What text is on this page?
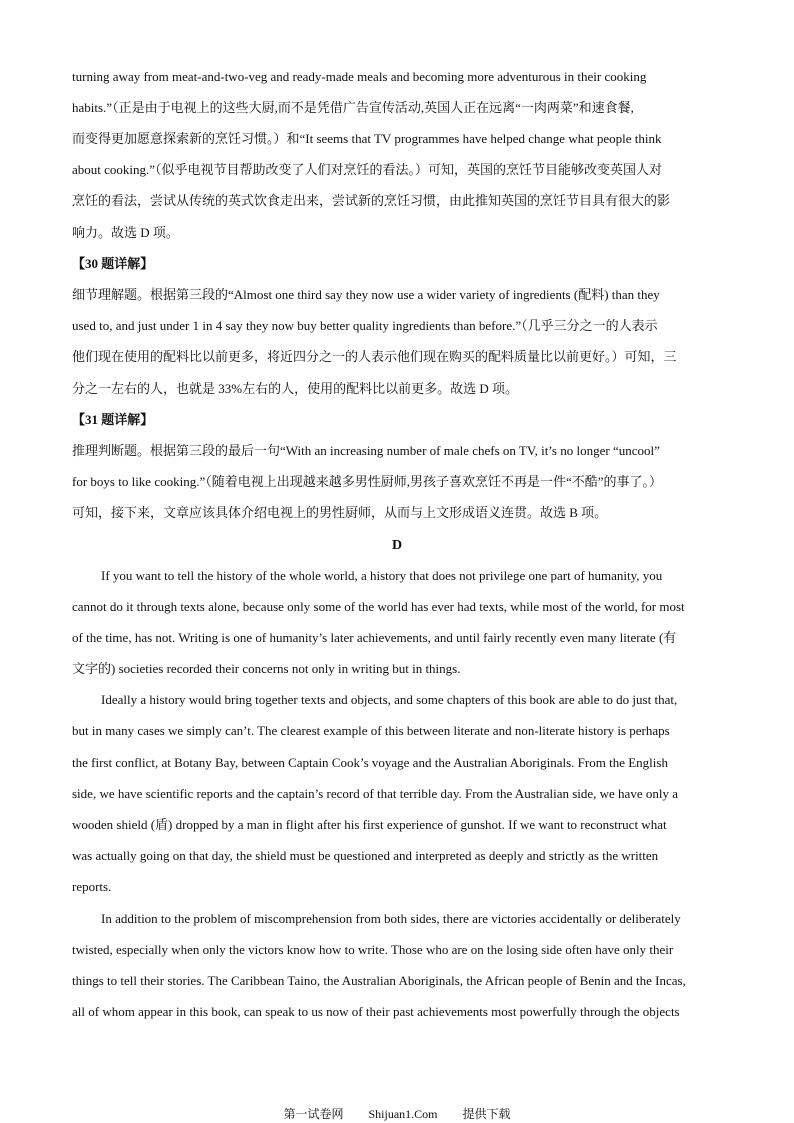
turning away from meat-and-two-veg and ready-made meals and becoming more adventurous in their cooking
habits.”（正是由于电视上的这些大厨,而不是凭借广告宣传活动,英国人正在远离“一肉两菜”和速食餐,
而变得更加愿意探索新的烹饪习惯。）和“It seems that TV programmes have helped change what people think
about cooking.”（似乎电视节目帮助改变了人们对烹饪的看法。）可知，英国的烹饪节目能够改变英国人对
烹饪的看法，尝试从传统的英式饮食走出来，尝试新的烹饪习惯，由此推知英国的烹饪节目具有很大的影
响力。故选 D 项。
【30 题详解】
细节理解题。根据第三段的“Almost one third say they now use a wider variety of ingredients (配料) than they
used to, and just under 1 in 4 say they now buy better quality ingredients than before.”（几乎三分之一的人表示
他们现在使用的配料比以前更多，将近四分之一的人表示他们现在购买的配料质量比以前更好。）可知，三
分之一左右的人，也就是 33%左右的人，使用的配料比以前更多。故选 D 项。
【31 题详解】
推理判断题。根据第三段的最后一句“With an increasing number of male chefs on TV, it’s no longer “uncool”
for boys to like cooking.”（随着电视上出现越来越多男性厨师,男孩子喜欢烹饪不再是一件“不酷”的事了。）
可知，接下来，文章应该具体介绍电视上的男性厨师，从而与上文形成语义连贯。故选 B 项。
D
If you want to tell the history of the whole world, a history that does not privilege one part of humanity, you
cannot do it through texts alone, because only some of the world has ever had texts, while most of the world, for most
of the time, has not. Writing is one of humanity’s later achievements, and until fairly recently even many literate (有
文字的) societies recorded their concerns not only in writing but in things.
Ideally a history would bring together texts and objects, and some chapters of this book are able to do just that,
but in many cases we simply can’t. The clearest example of this between literate and non-literate history is perhaps
the first conflict, at Botany Bay, between Captain Cook’s voyage and the Australian Aboriginals. From the English
side, we have scientific reports and the captain’s record of that terrible day. From the Australian side, we have only a
wooden shield (盾) dropped by a man in flight after his first experience of gunshot. If we want to reconstruct what
was actually going on that day, the shield must be questioned and interpreted as deeply and strictly as the written
reports.
In addition to the problem of miscomprehension from both sides, there are victories accidentally or deliberately
twisted, especially when only the victors know how to write. Those who are on the losing side often have only their
things to tell their stories. The Caribbean Taino, the Australian Aboriginals, the African people of Benin and the Incas,
all of whom appear in this book, can speak to us now of their past achievements most powerfully through the objects
第一试卷网 Shijuan1.Com 提供下载
